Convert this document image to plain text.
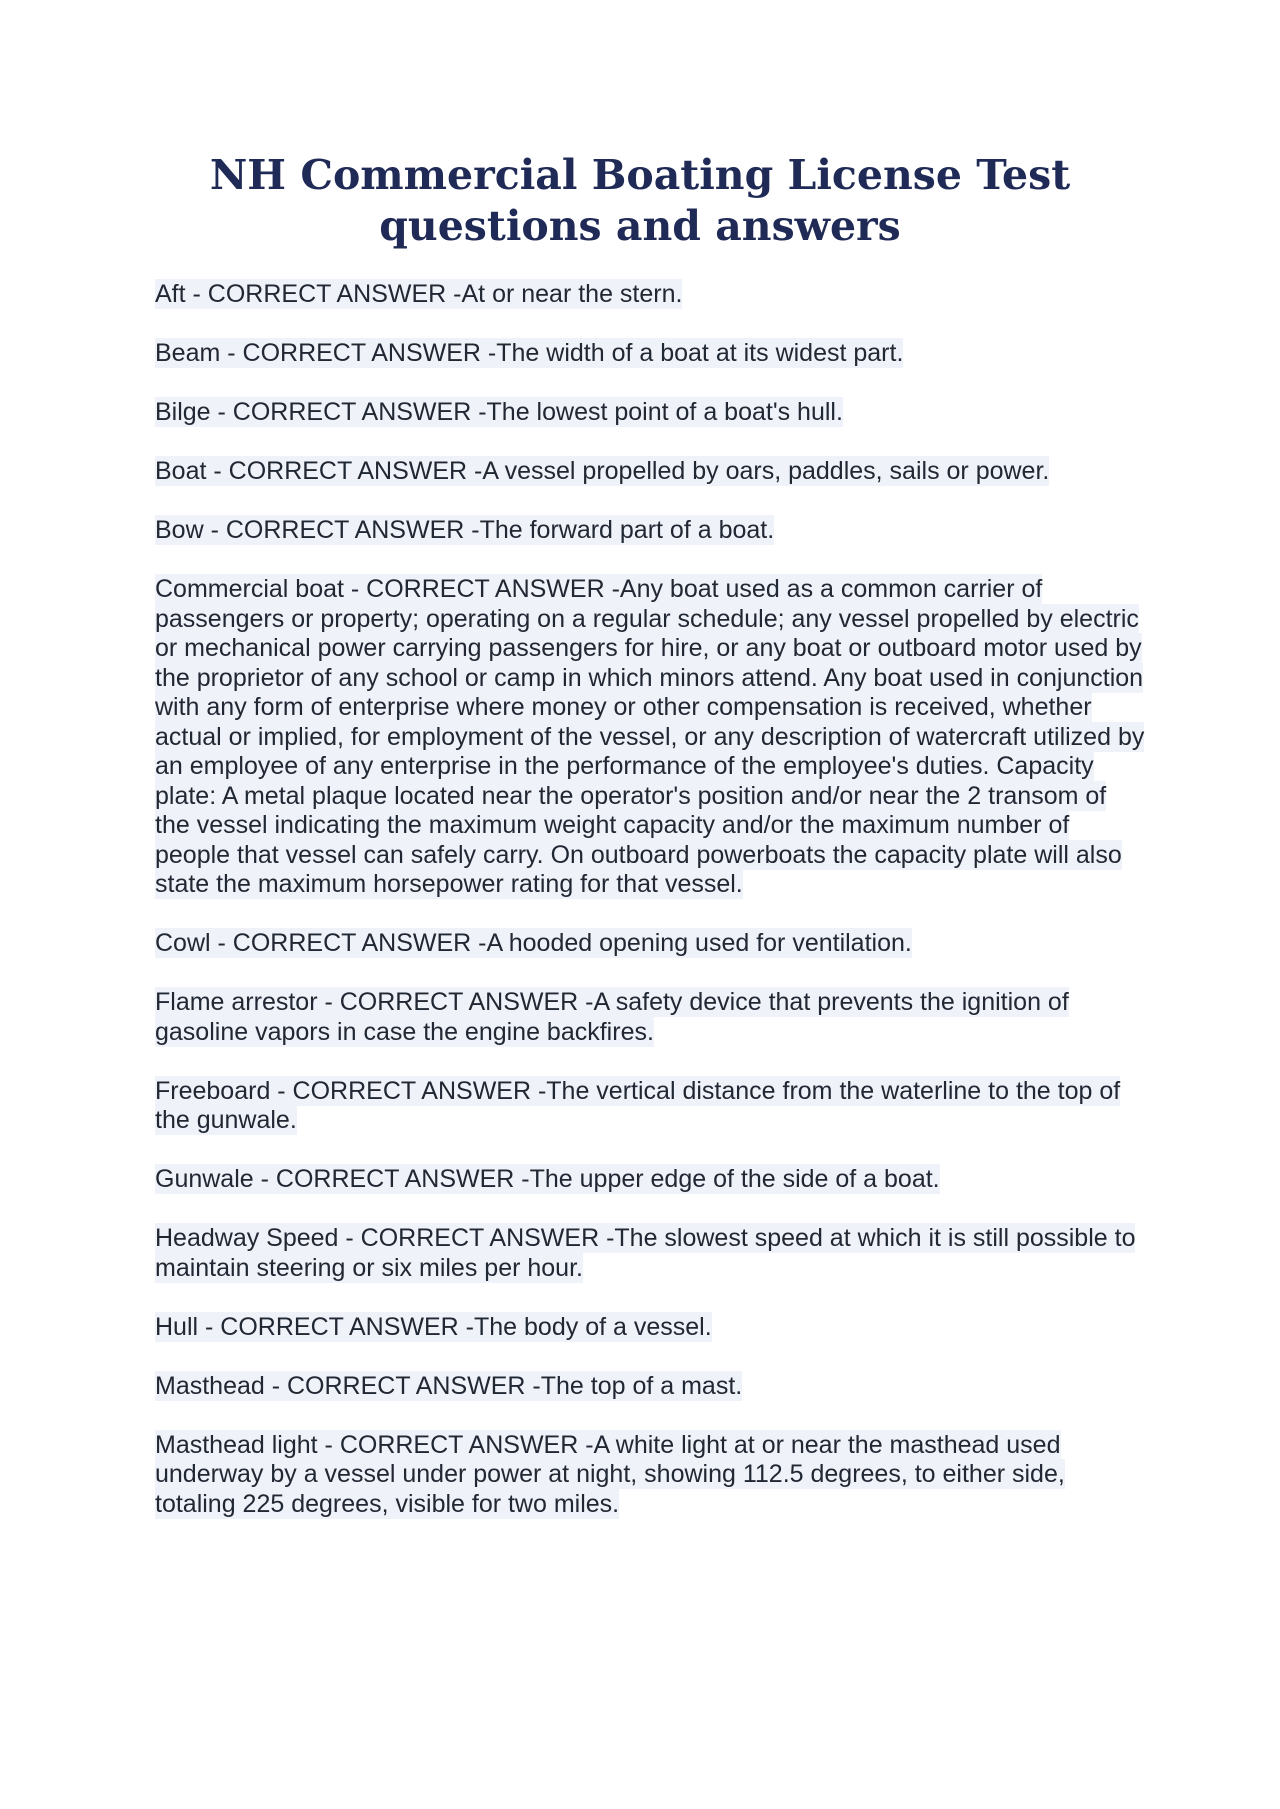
NH Commercial Boating License Test questions and answers

Aft - CORRECT ANSWER -At or near the stern.

Beam - CORRECT ANSWER -The width of a boat at its widest part.

Bilge - CORRECT ANSWER -The lowest point of a boat's hull.

Boat - CORRECT ANSWER -A vessel propelled by oars, paddles, sails or power.

Bow - CORRECT ANSWER -The forward part of a boat.

Commercial boat - CORRECT ANSWER -Any boat used as a common carrier of passengers or property; operating on a regular schedule; any vessel propelled by electric or mechanical power carrying passengers for hire, or any boat or outboard motor used by the proprietor of any school or camp in which minors attend. Any boat used in conjunction with any form of enterprise where money or other compensation is received, whether actual or implied, for employment of the vessel, or any description of watercraft utilized by an employee of any enterprise in the performance of the employee's duties. Capacity plate: A metal plaque located near the operator's position and/or near the 2 transom of the vessel indicating the maximum weight capacity and/or the maximum number of people that vessel can safely carry. On outboard powerboats the capacity plate will also state the maximum horsepower rating for that vessel.

Cowl - CORRECT ANSWER -A hooded opening used for ventilation.

Flame arrestor - CORRECT ANSWER -A safety device that prevents the ignition of gasoline vapors in case the engine backfires.

Freeboard - CORRECT ANSWER -The vertical distance from the waterline to the top of the gunwale.

Gunwale - CORRECT ANSWER -The upper edge of the side of a boat.

Headway Speed - CORRECT ANSWER -The slowest speed at which it is still possible to maintain steering or six miles per hour.

Hull - CORRECT ANSWER -The body of a vessel.

Masthead - CORRECT ANSWER -The top of a mast.

Masthead light - CORRECT ANSWER -A white light at or near the masthead used underway by a vessel under power at night, showing 112.5 degrees, to either side, totaling 225 degrees, visible for two miles.
